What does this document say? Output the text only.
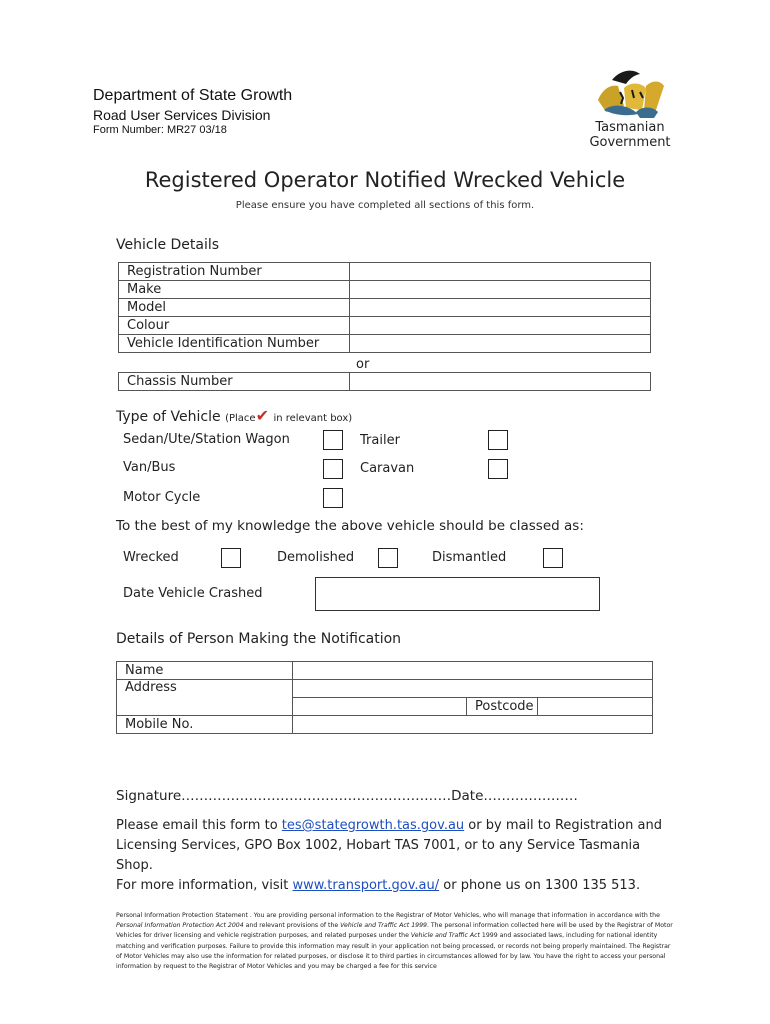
Department of State Growth
Road User Services Division
Form Number: MR27 03/18	Tasmanian
Government
Registered Operator Notified Wrecked Vehicle
Please ensure you have completed all sections of this form.
Vehicle Details
Registration Number	
Make	
Model	
Colour	
Vehicle Identification Number	
or
Chassis Number	
Type of Vehicle (Place✔ in relevant box)
Sedan/Ute/Station Wagon	Trailer
Van/Bus	Caravan
Motor Cycle
To the best of my knowledge the above vehicle should be classed as:
Wrecked	Demolished	Dismantled
Date Vehicle Crashed
Details of Person Making the Notification
Name			
Address			
		Postcode	
Mobile No.			
Signature……………………………………………………Date…………………
Please email this form to tes@stategrowth.tas.gov.au or by mail to Registration and
Licensing Services, GPO Box 1002, Hobart TAS 7001, or to any Service Tasmania Shop.
For more information, visit www.transport.gov.au/ or phone us on 1300 135 513.
Personal Information Protection Statement . You are providing personal information to the Registrar of Motor Vehicles, who will manage that information in accordance with the Personal Information Protection Act 2004 and relevant provisions of the Vehicle and Traffic Act 1999. The personal information collected here will be used by the Registrar of Motor Vehicles for driver licensing and vehicle registration purposes, and related purposes under the Vehicle and Traffic Act 1999 and associated laws, including for national identity matching and verification purposes. Failure to provide this information may result in your application not being processed, or records not being properly maintained. The Registrar of Motor Vehicles may also use the information for related purposes, or disclose it to third parties in circumstances allowed for by law. You have the right to access your personal information by request to the Registrar of Motor Vehicles and you may be charged a fee for this service
